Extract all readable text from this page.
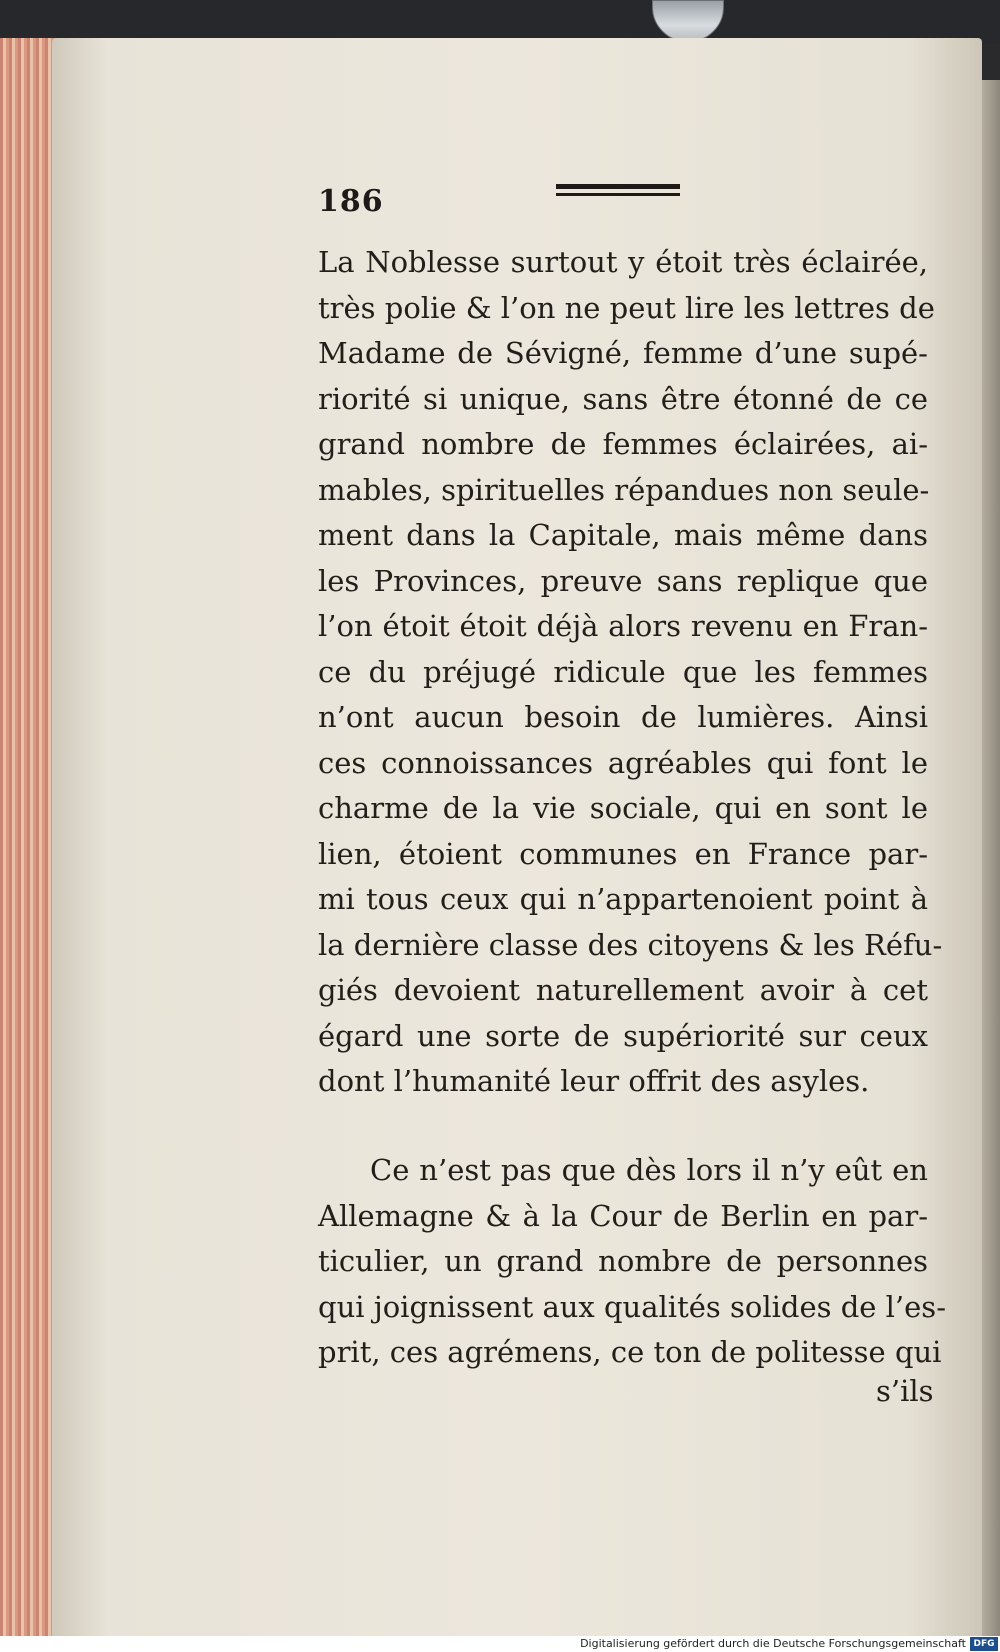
186
La Noblesse surtout y étoit très éclairée,
très polie & l’on ne peut lire les lettres de
Madame de Sévigné, femme d’une supé-
riorité si unique, sans être étonné de ce
grand nombre de femmes éclairées, ai-
mables, spirituelles répandues non seule-
ment dans la Capitale, mais même dans
les Provinces, preuve sans replique que
l’on étoit étoit déjà alors revenu en Fran-
ce du préjugé ridicule que les femmes
n’ont aucun besoin de lumières. Ainsi
ces connoissances agréables qui font le
charme de la vie sociale, qui en sont le
lien, étoient communes en France par-
mi tous ceux qui n’appartenoient point à
la dernière classe des citoyens & les Réfu-
giés devoient naturellement avoir à cet
égard une sorte de supériorité sur ceux
dont l’humanité leur offrit des asyles.
Ce n’est pas que dès lors il n’y eût en
Allemagne & à la Cour de Berlin en par-
ticulier, un grand nombre de personnes
qui joignissent aux qualités solides de l’es-
prit, ces agrémens, ce ton de politesse qui
s’ils
Digitalisierung gefördert durch die Deutsche Forschungsgemeinschaft DFG
